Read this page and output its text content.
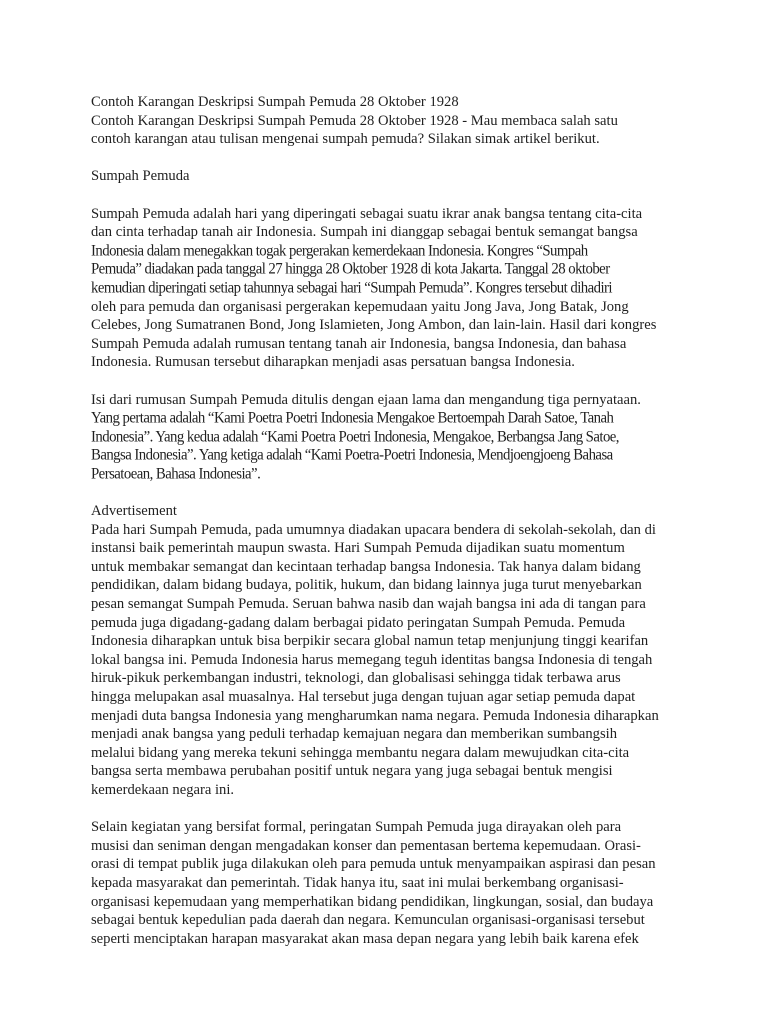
Contoh Karangan Deskripsi Sumpah Pemuda 28 Oktober 1928
Contoh Karangan Deskripsi Sumpah Pemuda 28 Oktober 1928 - Mau membaca salah satu
contoh karangan atau tulisan mengenai sumpah pemuda? Silakan simak artikel berikut.
Sumpah Pemuda
Sumpah Pemuda adalah hari yang diperingati sebagai suatu ikrar anak bangsa tentang cita-cita
dan cinta terhadap tanah air Indonesia. Sumpah ini dianggap sebagai bentuk semangat bangsa
Indonesia dalam menegakkan togak pergerakan kemerdekaan Indonesia. Kongres “Sumpah
Pemuda” diadakan pada tanggal 27 hingga 28 Oktober 1928 di kota Jakarta. Tanggal 28 oktober
kemudian diperingati setiap tahunnya sebagai hari “Sumpah Pemuda”. Kongres tersebut dihadiri
oleh para pemuda dan organisasi pergerakan kepemudaan yaitu Jong Java, Jong Batak, Jong
Celebes, Jong Sumatranen Bond, Jong Islamieten, Jong Ambon, dan lain-lain. Hasil dari kongres
Sumpah Pemuda adalah rumusan tentang tanah air Indonesia, bangsa Indonesia, dan bahasa
Indonesia. Rumusan tersebut diharapkan menjadi asas persatuan bangsa Indonesia.
Isi dari rumusan Sumpah Pemuda ditulis dengan ejaan lama dan mengandung tiga pernyataan.
Yang pertama adalah “Kami Poetra Poetri Indonesia Mengakoe Bertoempah Darah Satoe, Tanah
Indonesia”. Yang kedua adalah “Kami Poetra Poetri Indonesia, Mengakoe, Berbangsa Jang Satoe,
Bangsa Indonesia”. Yang ketiga adalah “Kami Poetra-Poetri Indonesia, Mendjoengjoeng Bahasa
Persatoean, Bahasa Indonesia”.
Advertisement
Pada hari Sumpah Pemuda, pada umumnya diadakan upacara bendera di sekolah-sekolah, dan di
instansi baik pemerintah maupun swasta. Hari Sumpah Pemuda dijadikan suatu momentum
untuk membakar semangat dan kecintaan terhadap bangsa Indonesia. Tak hanya dalam bidang
pendidikan, dalam bidang budaya, politik, hukum, dan bidang lainnya juga turut menyebarkan
pesan semangat Sumpah Pemuda. Seruan bahwa nasib dan wajah bangsa ini ada di tangan para
pemuda juga digadang-gadang dalam berbagai pidato peringatan Sumpah Pemuda. Pemuda
Indonesia diharapkan untuk bisa berpikir secara global namun tetap menjunjung tinggi kearifan
lokal bangsa ini. Pemuda Indonesia harus memegang teguh identitas bangsa Indonesia di tengah
hiruk-pikuk perkembangan industri, teknologi, dan globalisasi sehingga tidak terbawa arus
hingga melupakan asal muasalnya. Hal tersebut juga dengan tujuan agar setiap pemuda dapat
menjadi duta bangsa Indonesia yang mengharumkan nama negara. Pemuda Indonesia diharapkan
menjadi anak bangsa yang peduli terhadap kemajuan negara dan memberikan sumbangsih
melalui bidang yang mereka tekuni sehingga membantu negara dalam mewujudkan cita-cita
bangsa serta membawa perubahan positif untuk negara yang juga sebagai bentuk mengisi
kemerdekaan negara ini.
Selain kegiatan yang bersifat formal, peringatan Sumpah Pemuda juga dirayakan oleh para
musisi dan seniman dengan mengadakan konser dan pementasan bertema kepemudaan. Orasi-
orasi di tempat publik juga dilakukan oleh para pemuda untuk menyampaikan aspirasi dan pesan
kepada masyarakat dan pemerintah. Tidak hanya itu, saat ini mulai berkembang organisasi-
organisasi kepemudaan yang memperhatikan bidang pendidikan, lingkungan, sosial, dan budaya
sebagai bentuk kepedulian pada daerah dan negara. Kemunculan organisasi-organisasi tersebut
seperti menciptakan harapan masyarakat akan masa depan negara yang lebih baik karena efek
